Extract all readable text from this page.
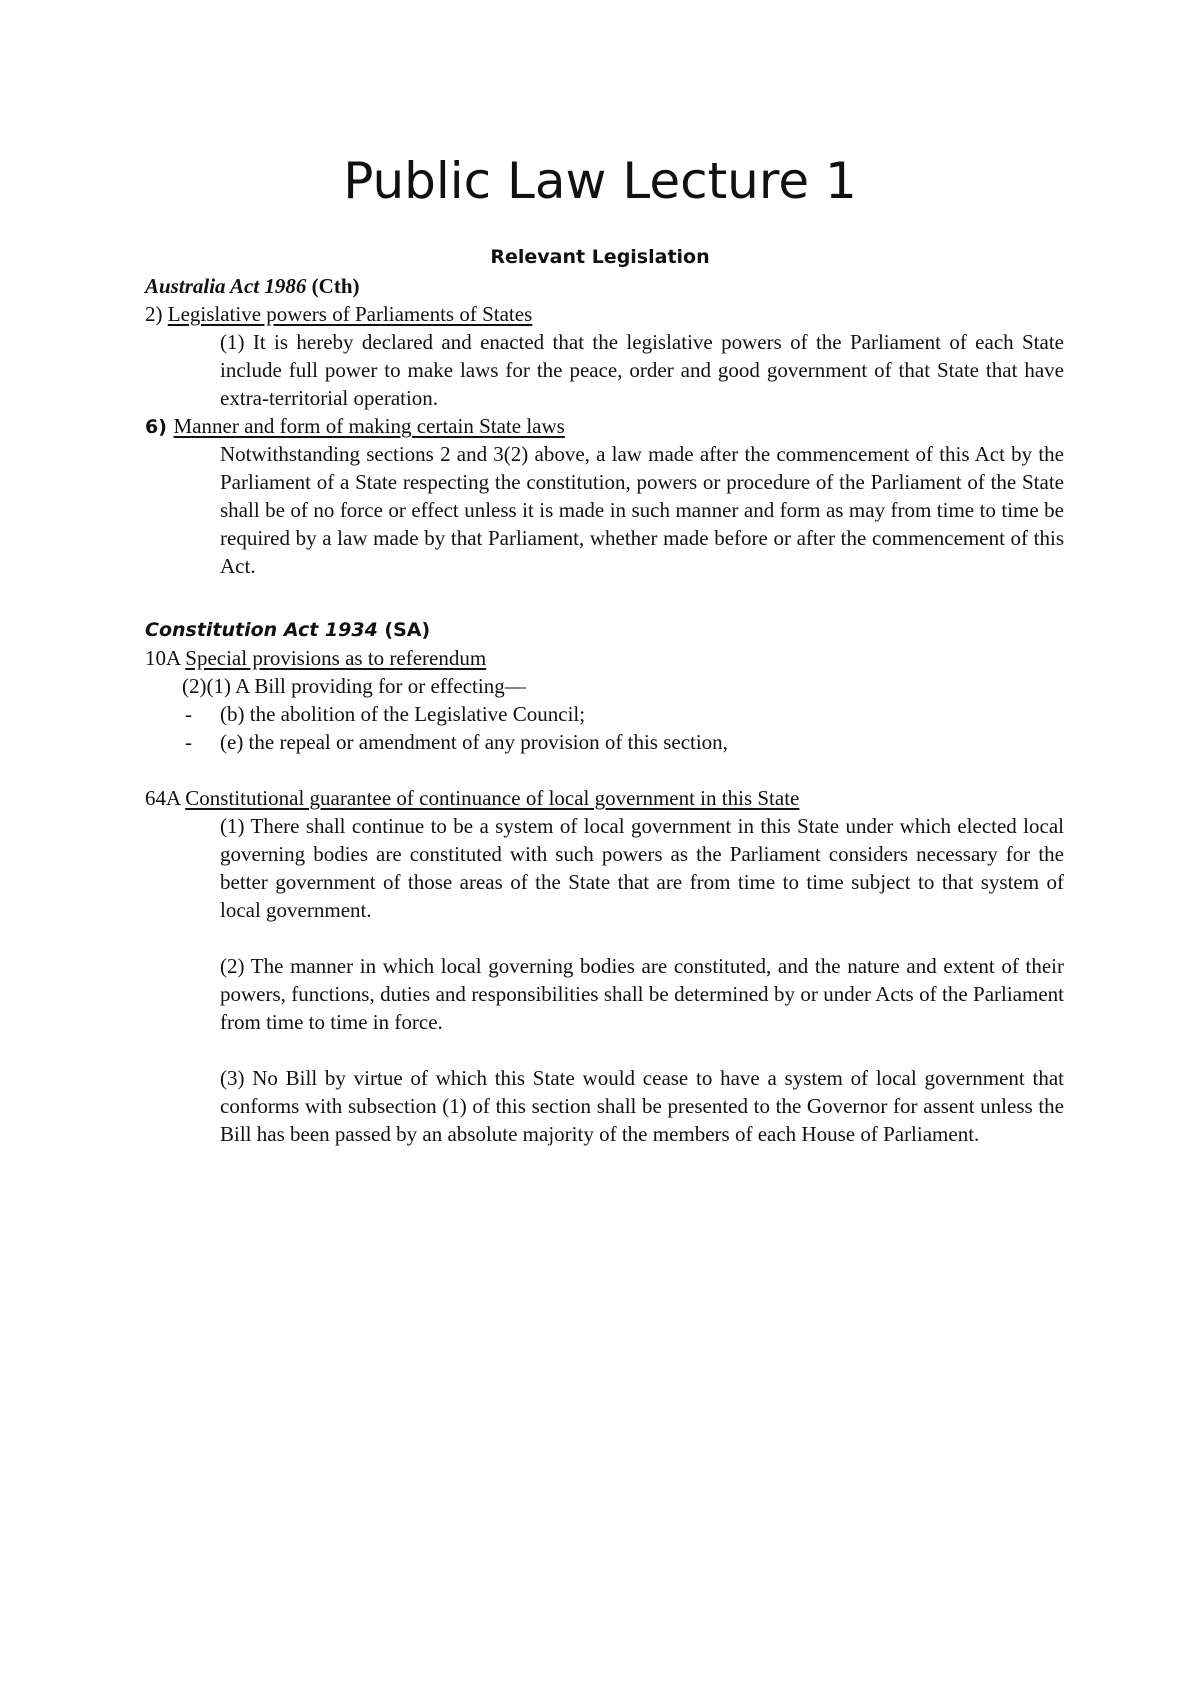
Public Law Lecture 1
Relevant Legislation
Australia Act 1986 (Cth)
2) Legislative powers of Parliaments of States
(1) It is hereby declared and enacted that the legislative powers of the Parliament of each State include full power to make laws for the peace, order and good government of that State that have extra-territorial operation.
6) Manner and form of making certain State laws
Notwithstanding sections 2 and 3(2) above, a law made after the commencement of this Act by the Parliament of a State respecting the constitution, powers or procedure of the Parliament of the State shall be of no force or effect unless it is made in such manner and form as may from time to time be required by a law made by that Parliament, whether made before or after the commencement of this Act.
Constitution Act 1934 (SA)
10A Special provisions as to referendum
(2)(1) A Bill providing for or effecting—
- (b) the abolition of the Legislative Council;
- (e) the repeal or amendment of any provision of this section,
64A Constitutional guarantee of continuance of local government in this State
(1) There shall continue to be a system of local government in this State under which elected local governing bodies are constituted with such powers as the Parliament considers necessary for the better government of those areas of the State that are from time to time subject to that system of local government.
(2) The manner in which local governing bodies are constituted, and the nature and extent of their powers, functions, duties and responsibilities shall be determined by or under Acts of the Parliament from time to time in force.
(3) No Bill by virtue of which this State would cease to have a system of local government that conforms with subsection (1) of this section shall be presented to the Governor for assent unless the Bill has been passed by an absolute majority of the members of each House of Parliament.
